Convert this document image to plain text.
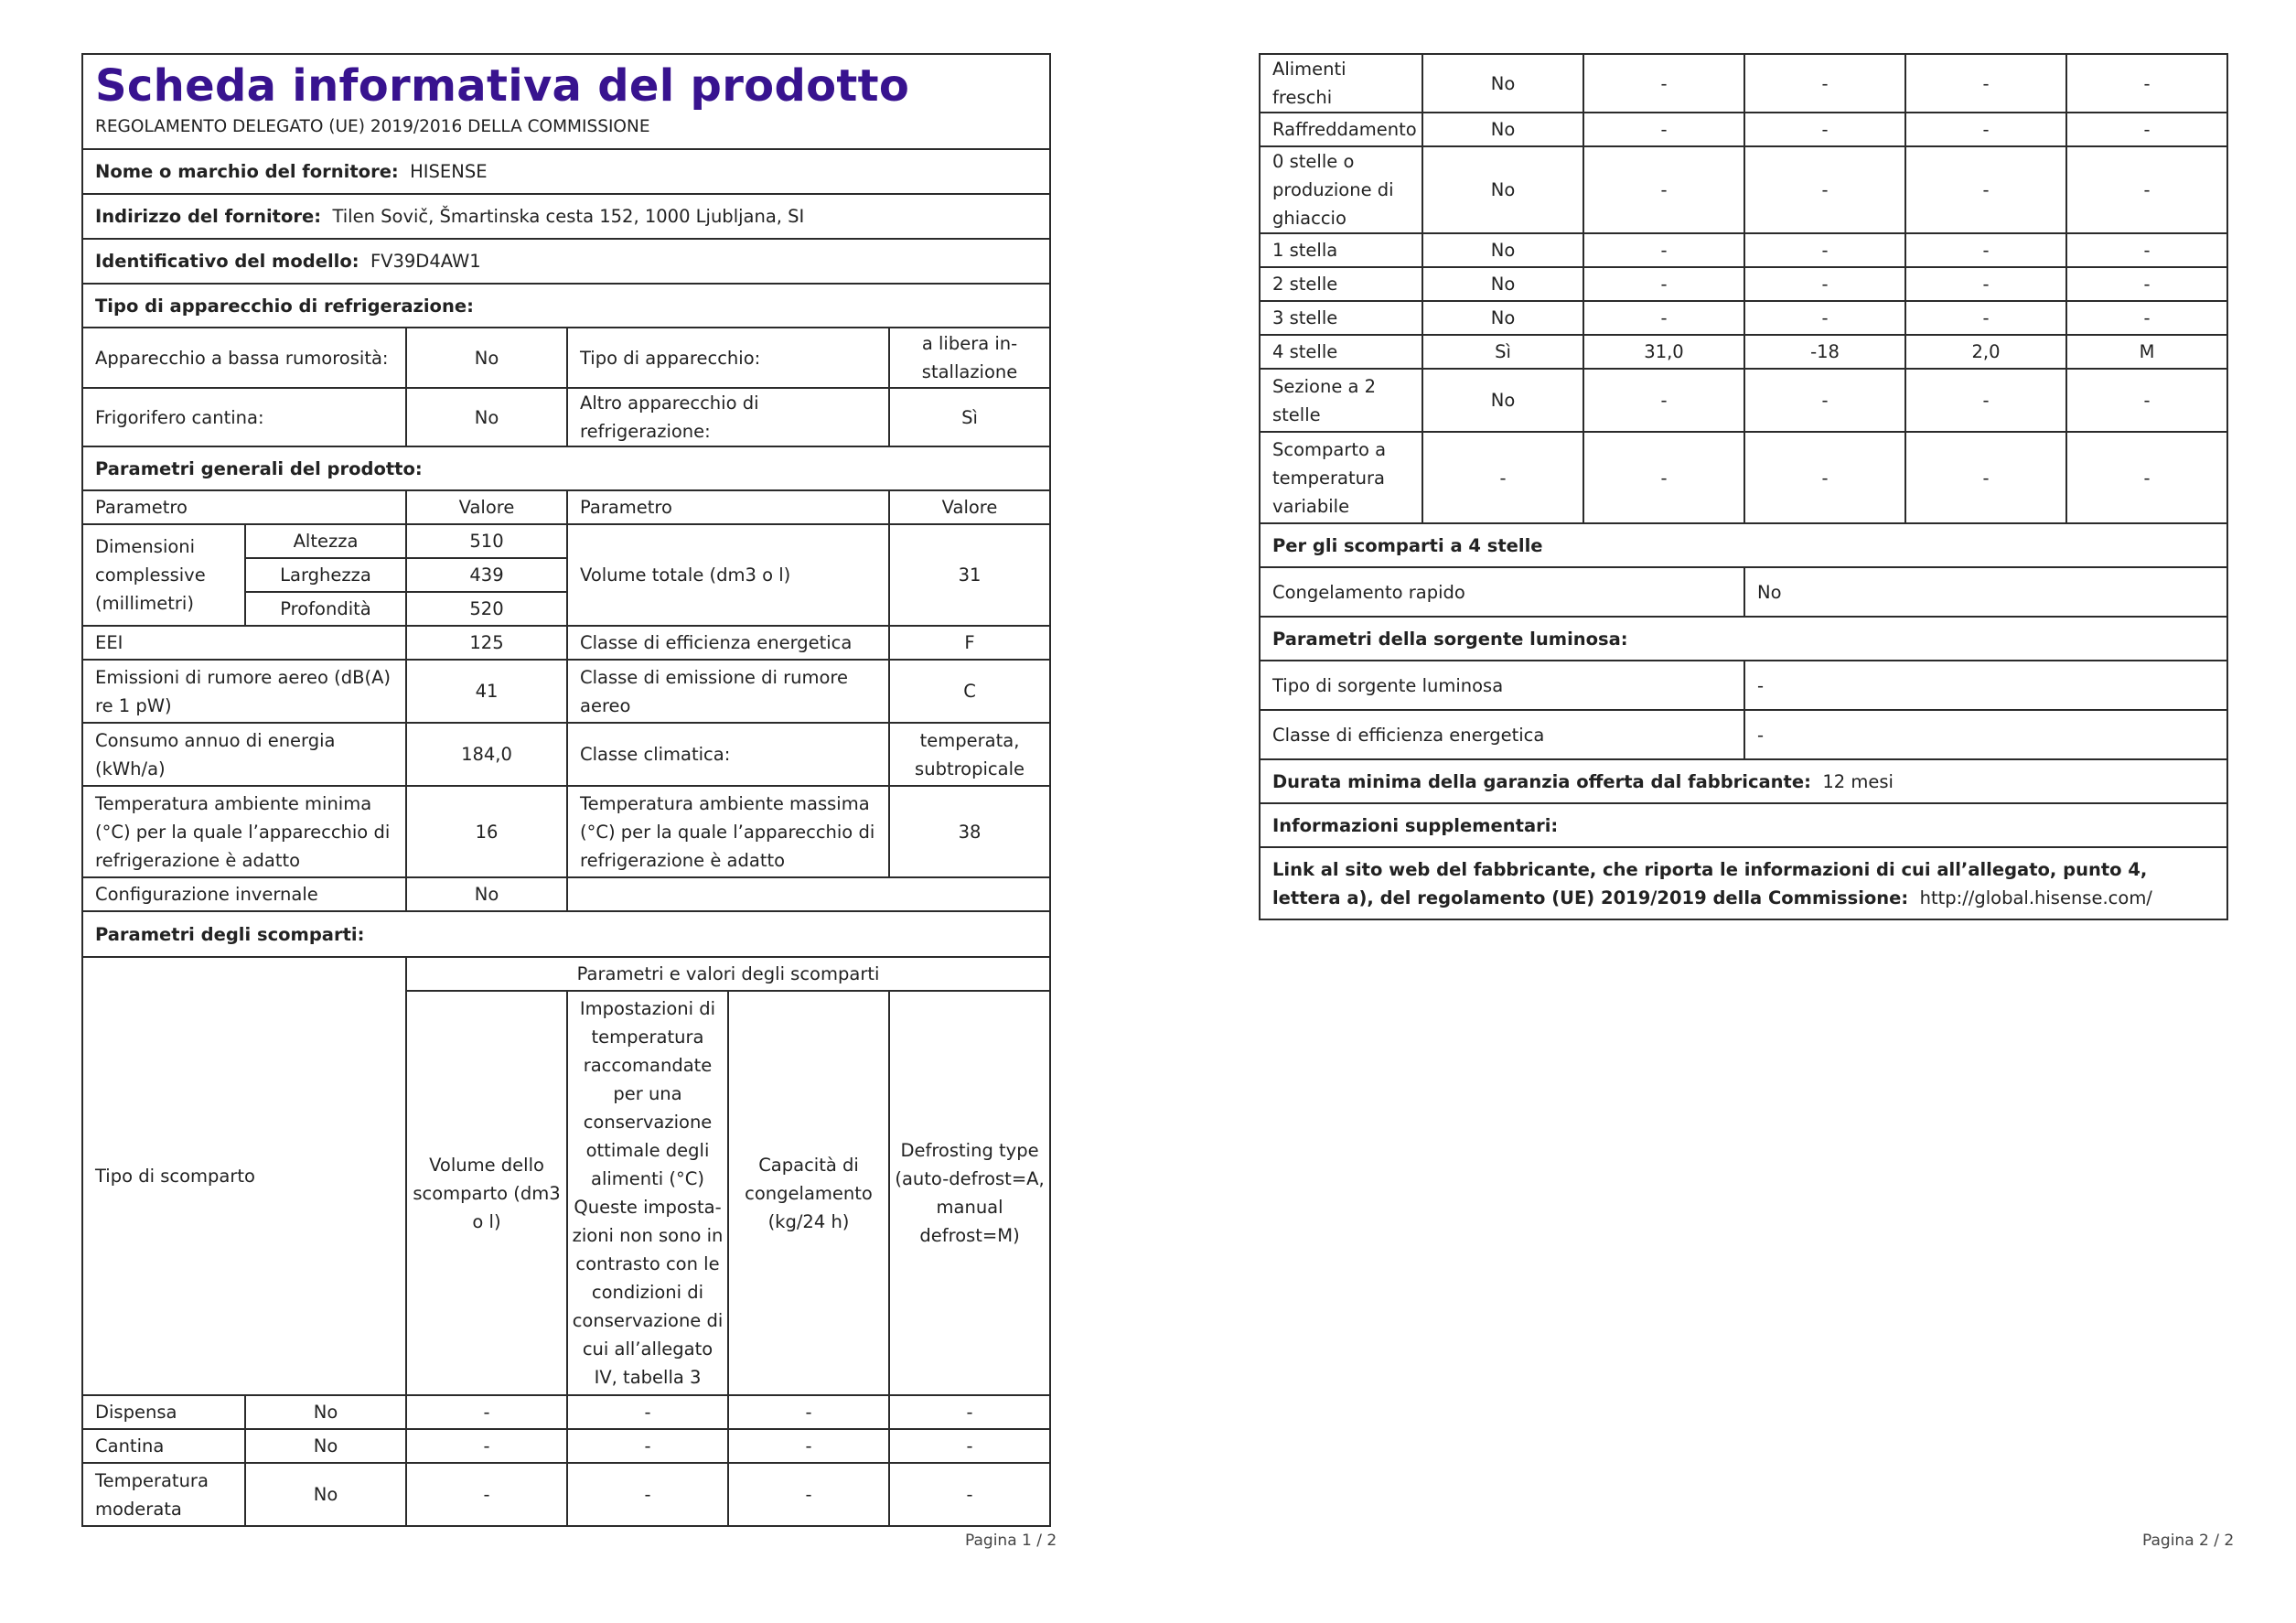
Scheda informativa del prodotto
REGOLAMENTO DELEGATO (UE) 2019/2016 DELLA COMMISSIONE					

Nome o marchio del fornitore: HISENSE					
Indirizzo del fornitore: Tilen Sovič, Šmartinska cesta 152, 1000 Ljubljana, SI					
Identificativo del modello: FV39D4AW1					
Tipo di apparecchio di refrigerazione:					
Apparecchio a bassa rumorosità:		No	Tipo di apparecchio:		a libera installazione
Frigorifero cantina:		No	Altro apparecchio di refrigerazione:		Sì
Parametri generali del prodotto:					
Parametro		Valore	Parametro		Valore
Dimensioni complessive (millimetri)	Altezza	510	Volume totale (dm3 o l)		31
	Larghezza	439			
	Profondità	520			
EEI		125	Classe di efficienza energetica		F
Emissioni di rumore aereo (dB(A) re 1 pW)		41	Classe di emissione di rumore aereo		C
Consumo annuo di energia (kWh/a)		184,0	Classe climatica:		temperata, subtropicale
Temperatura ambiente minima (°C) per la quale l’apparecchio di refrigerazione è adatto		16	Temperatura ambiente massima (°C) per la quale l’apparecchio di refrigerazione è adatto		38
Configurazione invernale		No			
Parametri degli scomparti:					
Tipo di scomparto		Parametri e valori degli scomparti			
		Volume dello scomparto (dm3 o l)	Impostazioni di temperatura raccomandate per una conservazione ottimale degli alimenti (°C) Queste impostazioni non sono in contrasto con le condizioni di conservazione di cui all’allegato IV, tabella 3	Capacità di congelamento (kg/24 h)	Defrosting type (auto-defrost=A, manual defrost=M)
Dispensa	No	-	-	-	-
Cantina	No	-	-	-	-
Temperatura moderata	No	-	-	-	-
Pagina 1 / 2
Alimenti freschi	No	-	-	-	-
Raffreddamento	No	-	-	-	-
0 stelle o produzione di ghiaccio	No	-	-	-	-
1 stella	No	-	-	-	-
2 stelle	No	-	-	-	-
3 stelle	No	-	-	-	-
4 stelle	Sì	31,0	-18	2,0	M
Sezione a 2 stelle	No	-	-	-	-
Scomparto a temperatura variabile	-	-	-	-	-
Per gli scomparti a 4 stelle					
Congelamento rapido			No		
Parametri della sorgente luminosa:					
Tipo di sorgente luminosa			-		
Classe di efficienza energetica			-		
Durata minima della garanzia offerta dal fabbricante: 12 mesi					
Informazioni supplementari:					
Link al sito web del fabbricante, che riporta le informazioni di cui all’allegato, punto 4, lettera a), del regolamento (UE) 2019/2019 della Commissione: http://global.hisense.com/					
Pagina 2 / 2
